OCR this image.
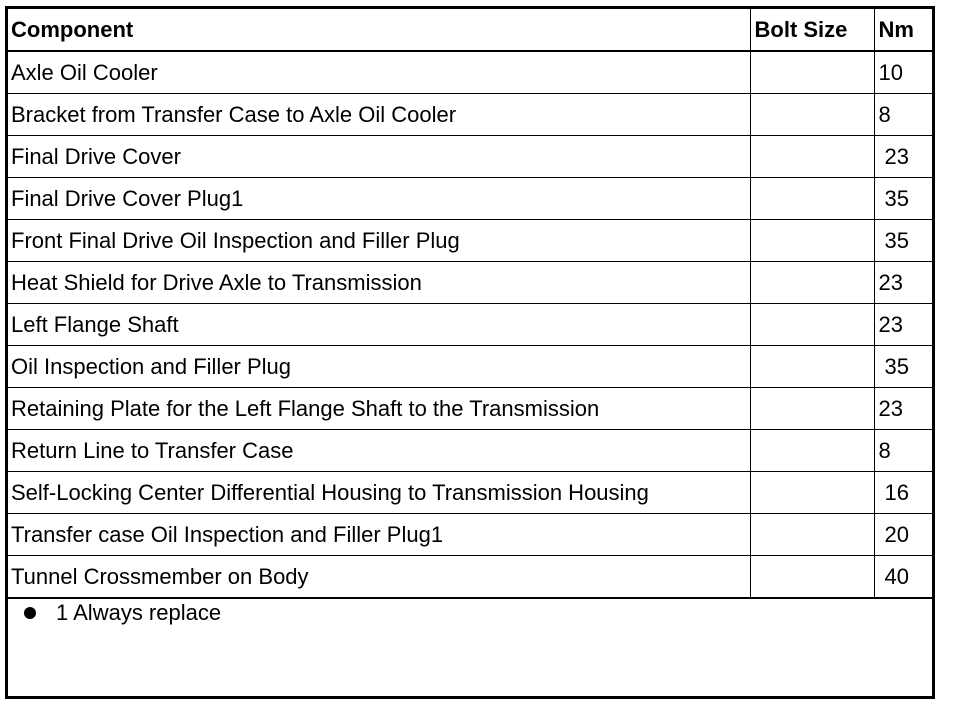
Component	Bolt Size	Nm
Axle Oil Cooler		10
Bracket from Transfer Case to Axle Oil Cooler		8
Final Drive Cover		23
Final Drive Cover Plug1		35
Front Final Drive Oil Inspection and Filler Plug		35
Heat Shield for Drive Axle to Transmission		23
Left Flange Shaft		23
Oil Inspection and Filler Plug		35
Retaining Plate for the Left Flange Shaft to the Transmission		23
Return Line to Transfer Case		8
Self-Locking Center Differential Housing to Transmission Housing		16
Transfer case Oil Inspection and Filler Plug1		20
Tunnel Crossmember on Body		40
1 Always replace
